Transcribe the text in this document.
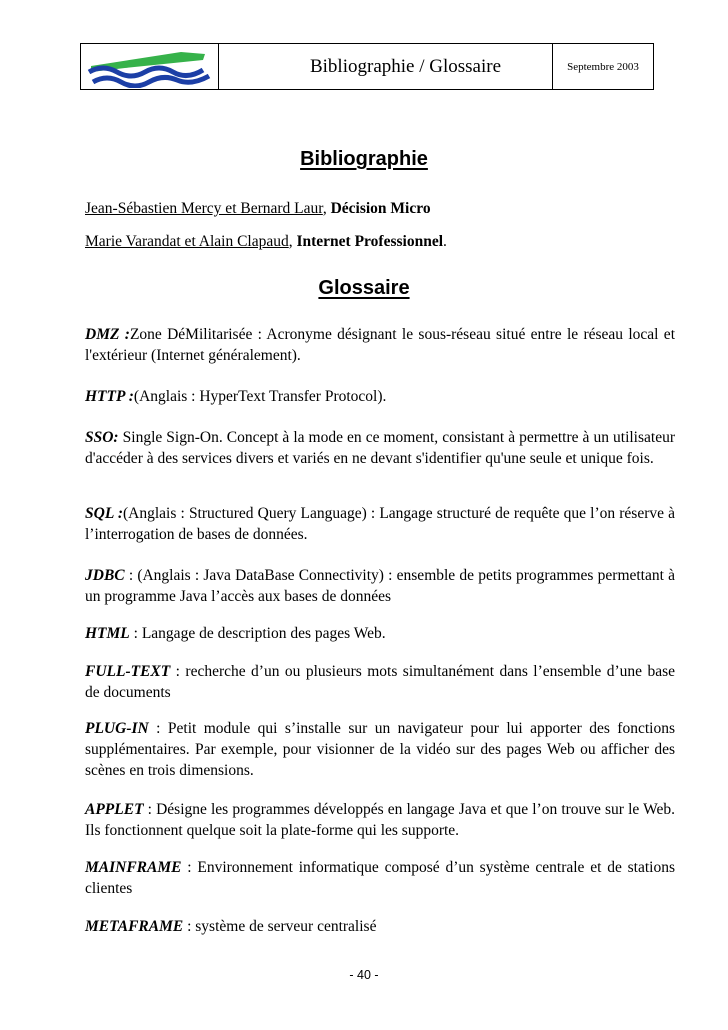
Bibliographie / Glossaire	Septembre 2003
Bibliographie
Jean-Sébastien Mercy et Bernard Laur, Décision Micro
Marie Varandat et Alain Clapaud, Internet Professionnel.
Glossaire
DMZ :Zone DéMilitarisée : Acronyme désignant le sous-réseau situé entre le réseau local et l'extérieur (Internet généralement).
HTTP :(Anglais : HyperText Transfer Protocol).
SSO: Single Sign-On. Concept à la mode en ce moment, consistant à permettre à un utilisateur d'accéder à des services divers et variés en ne devant s'identifier qu'une seule et unique fois.
SQL :(Anglais : Structured Query Language) : Langage structuré de requête que l’on réserve à l’interrogation de bases de données.
JDBC : (Anglais : Java DataBase Connectivity) : ensemble de petits programmes permettant à un programme Java l’accès aux bases de données
HTML : Langage de description des pages Web.
FULL-TEXT : recherche d’un ou plusieurs mots simultanément dans l’ensemble d’une base de documents
PLUG-IN : Petit module qui s’installe sur un navigateur pour lui apporter des fonctions supplémentaires. Par exemple, pour visionner de la vidéo sur des pages Web ou afficher des scènes en trois dimensions.
APPLET : Désigne les programmes développés en langage Java et que l’on trouve sur le Web. Ils fonctionnent quelque soit la plate-forme qui les supporte.
MAINFRAME : Environnement informatique composé d’un système centrale et de stations clientes
METAFRAME : système de serveur centralisé
- 40 -
